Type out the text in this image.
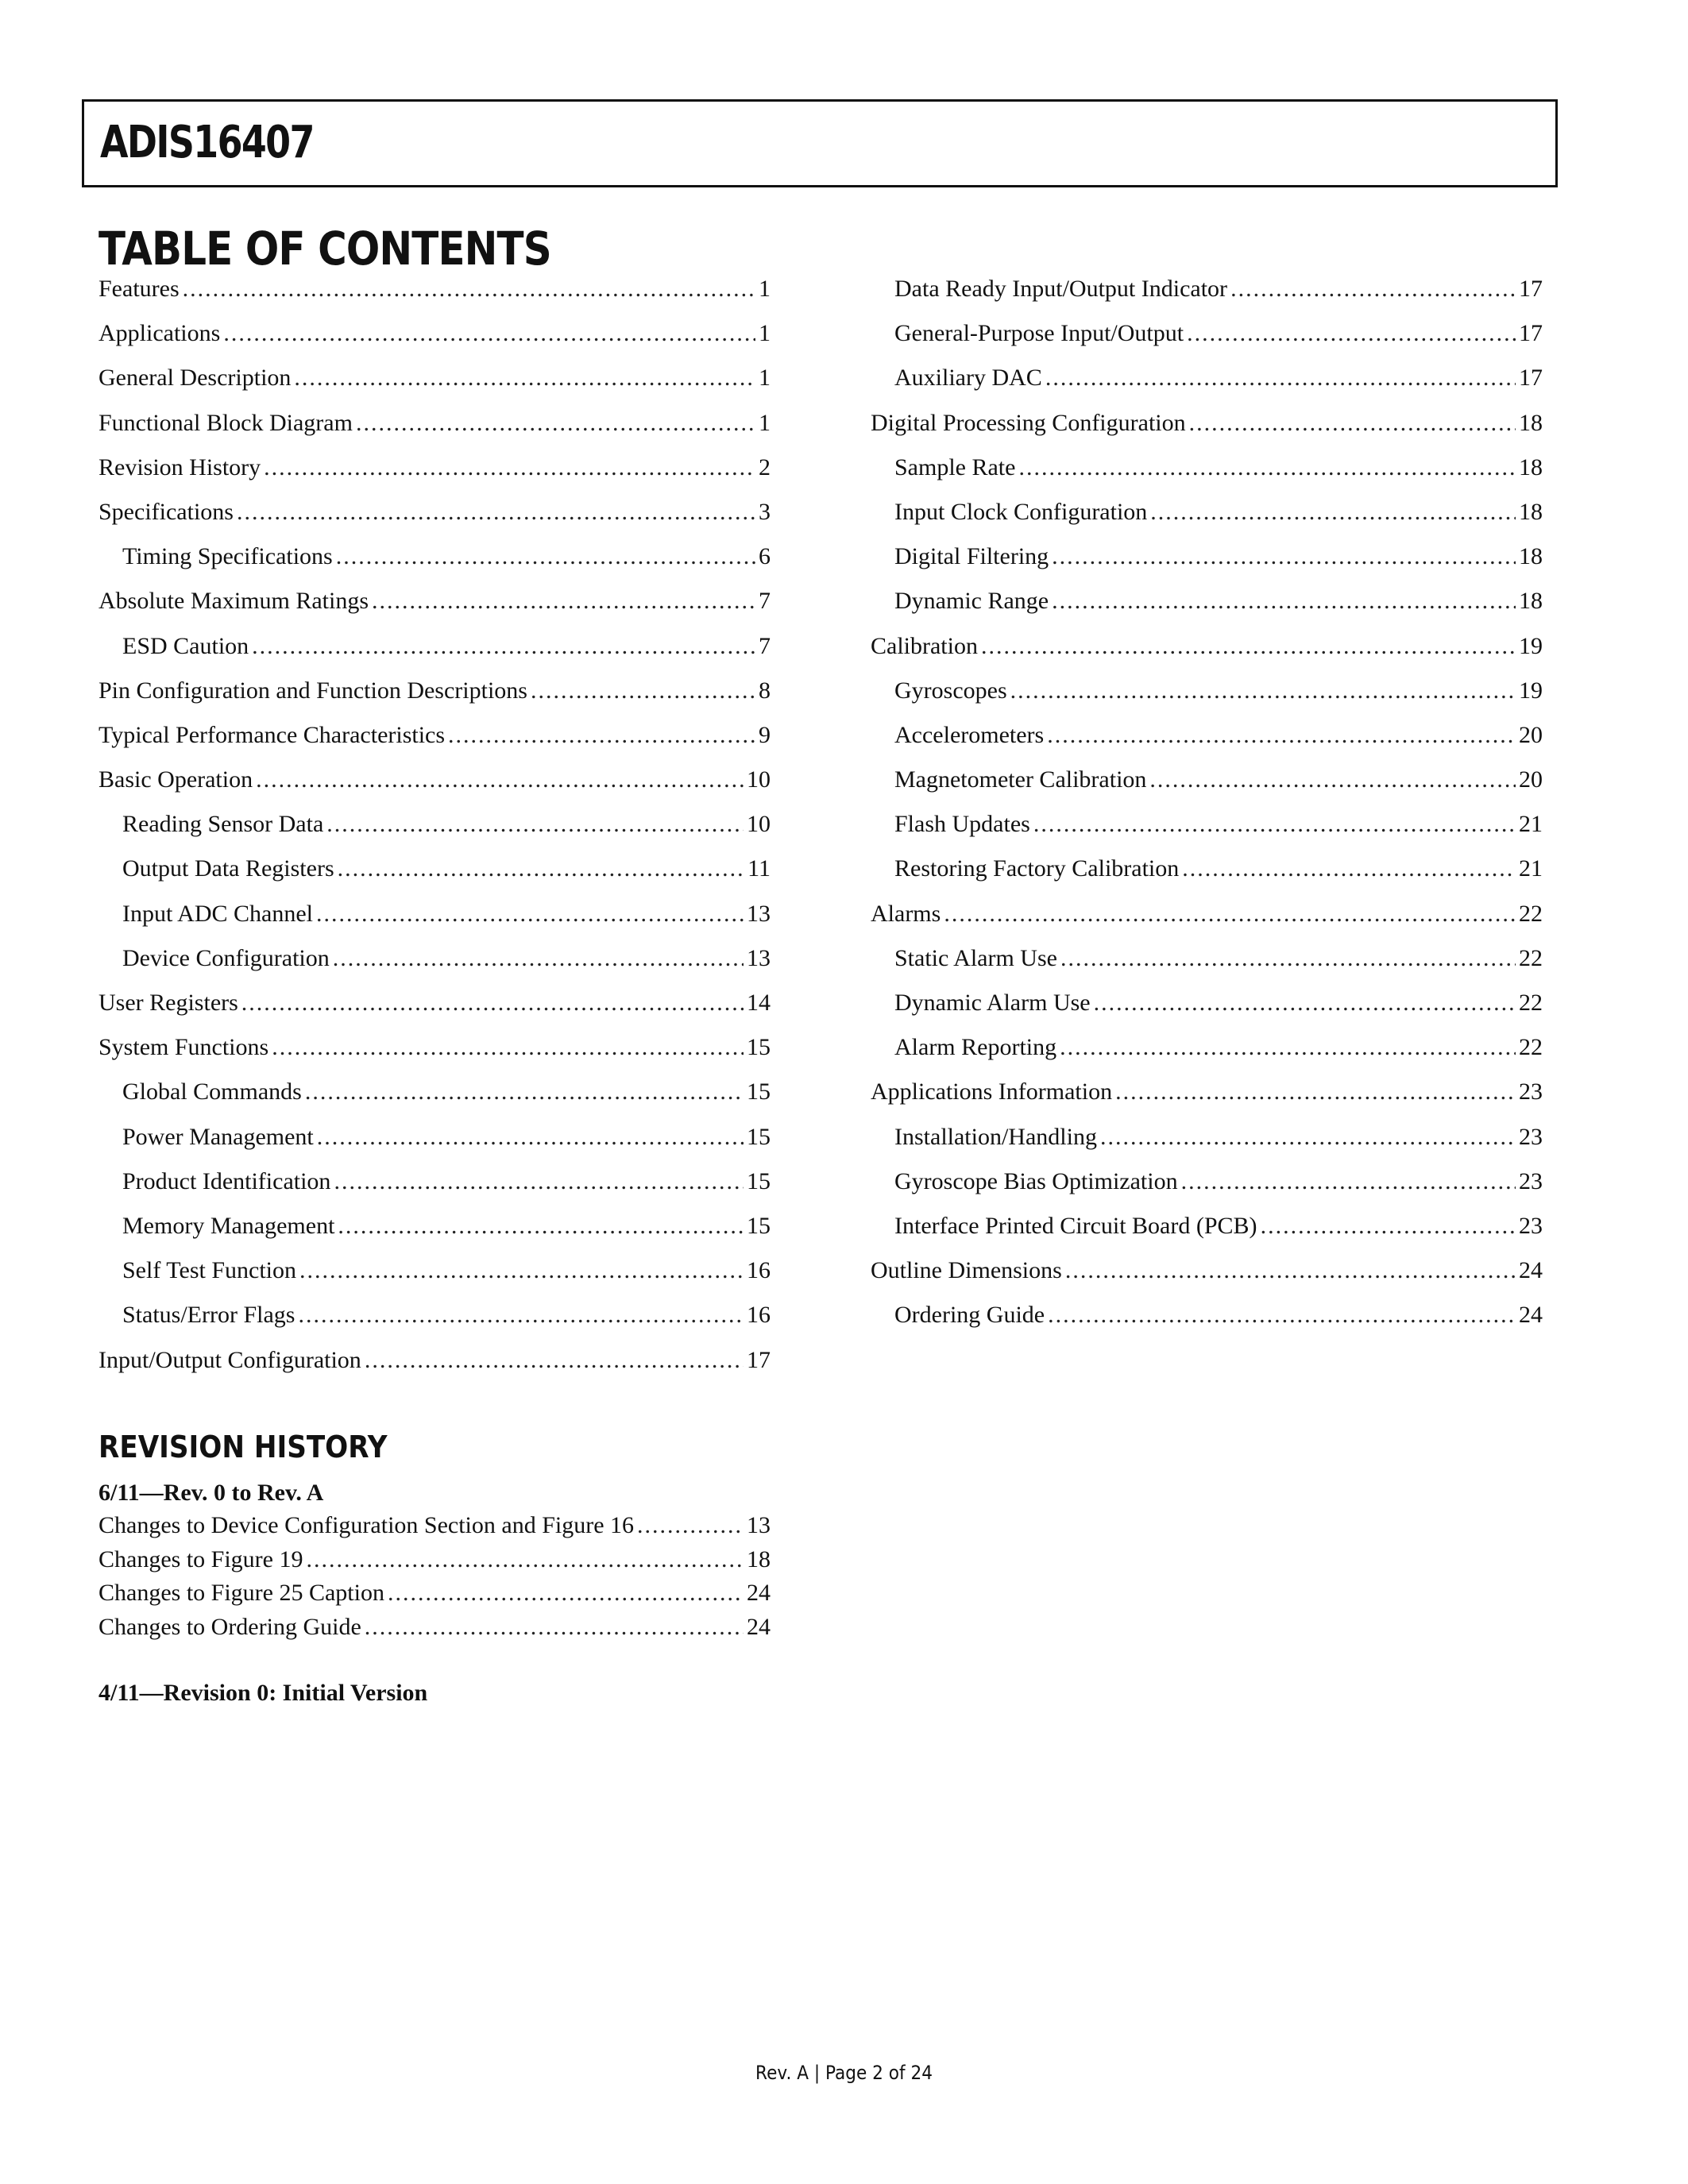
ADIS16407
TABLE OF CONTENTS
Features .....	1
Applications .....	1
General Description .....	1
Functional Block Diagram .....	1
Revision History .....	2
Specifications .....	3
Timing Specifications .....	6
Absolute Maximum Ratings .....	7
ESD Caution .....	7
Pin Configuration and Function Descriptions .....	8
Typical Performance Characteristics .....	9
Basic Operation .....	10
Reading Sensor Data .....	10
Output Data Registers .....	11
Input ADC Channel .....	13
Device Configuration .....	13
User Registers .....	14
System Functions .....	15
Global Commands .....	15
Power Management .....	15
Product Identification .....	15
Memory Management .....	15
Self Test Function .....	16
Status/Error Flags .....	16
Input/Output Configuration .....	17
Data Ready Input/Output Indicator .....	17
General-Purpose Input/Output .....	17
Auxiliary DAC .....	17
Digital Processing Configuration .....	18
Sample Rate .....	18
Input Clock Configuration .....	18
Digital Filtering .....	18
Dynamic Range .....	18
Calibration .....	19
Gyroscopes .....	19
Accelerometers .....	20
Magnetometer Calibration .....	20
Flash Updates .....	21
Restoring Factory Calibration .....	21
Alarms .....	22
Static Alarm Use .....	22
Dynamic Alarm Use .....	22
Alarm Reporting .....	22
Applications Information .....	23
Installation/Handling .....	23
Gyroscope Bias Optimization .....	23
Interface Printed Circuit Board (PCB) .....	23
Outline Dimensions .....	24
Ordering Guide .....	24
REVISION HISTORY
6/11—Rev. 0 to Rev. A
Changes to Device Configuration Section and Figure 16 .....	13
Changes to Figure 19 .....	18
Changes to Figure 25 Caption .....	24
Changes to Ordering Guide .....	24
4/11—Revision 0: Initial Version
Rev. A | Page 2 of 24
